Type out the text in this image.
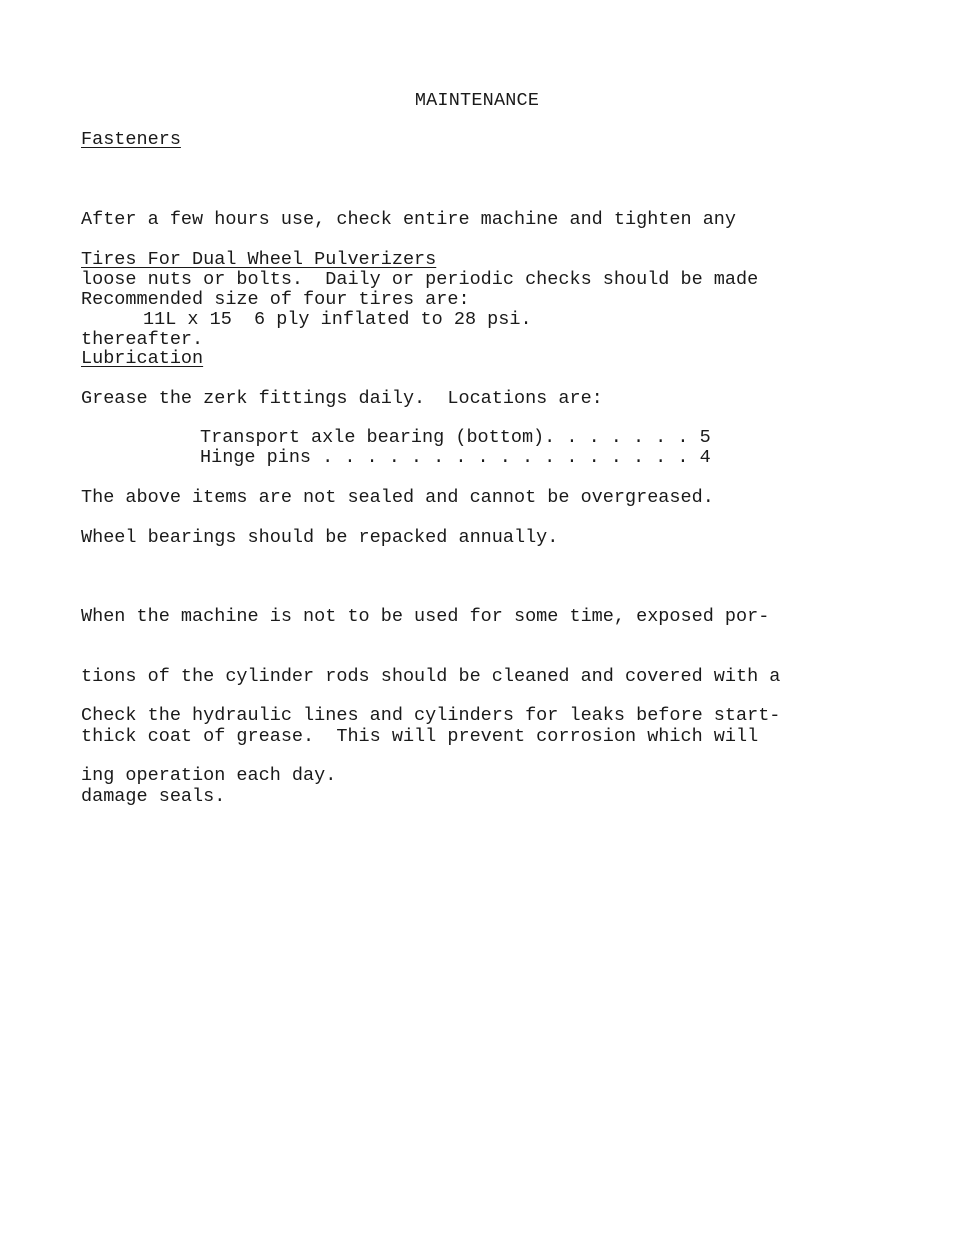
MAINTENANCE
Fasteners

After a few hours use, check entire machine and tighten any

loose nuts or bolts.  Daily or periodic checks should be made

thereafter.

Tires For Dual Wheel Pulverizers
Recommended size of four tires are:
11L x 15  6 ply inflated to 28 psi.
Lubrication
Grease the zerk fittings daily.  Locations are:
Transport axle bearing (bottom). . . . . . . 5
Hinge pins . . . . . . . . . . . . . . . . . 4
The above items are not sealed and cannot be overgreased.
Wheel bearings should be repacked annually.

When the machine is not to be used for some time, exposed por-

tions of the cylinder rods should be cleaned and covered with a

thick coat of grease.  This will prevent corrosion which will

damage seals.

Check the hydraulic lines and cylinders for leaks before start-

ing operation each day.
